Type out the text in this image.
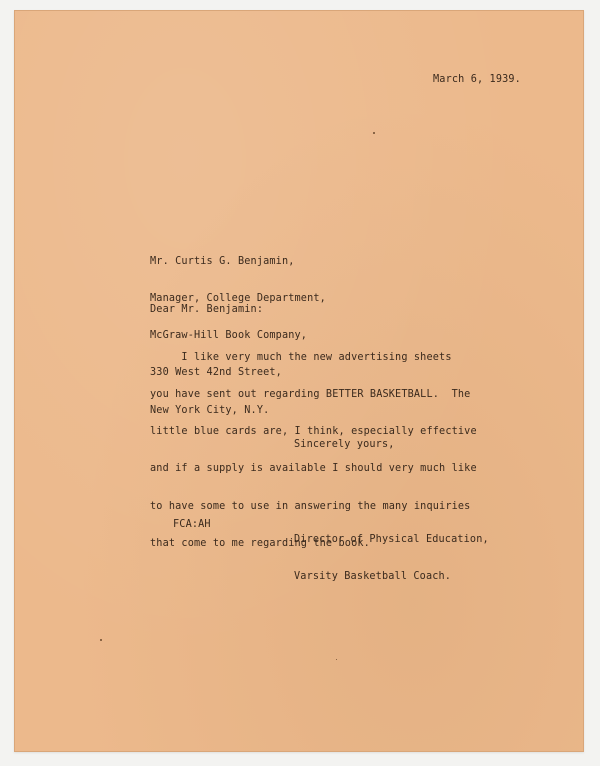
March 6, 1939.

Mr. Curtis G. Benjamin,

Manager, College Department,

McGraw-Hill Book Company,

330 West 42nd Street,

New York City, N.Y.

Dear Mr. Benjamin:

I like very much the new advertising sheets

you have sent out regarding BETTER BASKETBALL.  The

little blue cards are, I think, especially effective

and if a supply is available I should very much like

to have some to use in answering the many inquiries

that come to me regarding the book.

Sincerely yours,

Director of Physical Education,

Varsity Basketball Coach.

FCA:AH
